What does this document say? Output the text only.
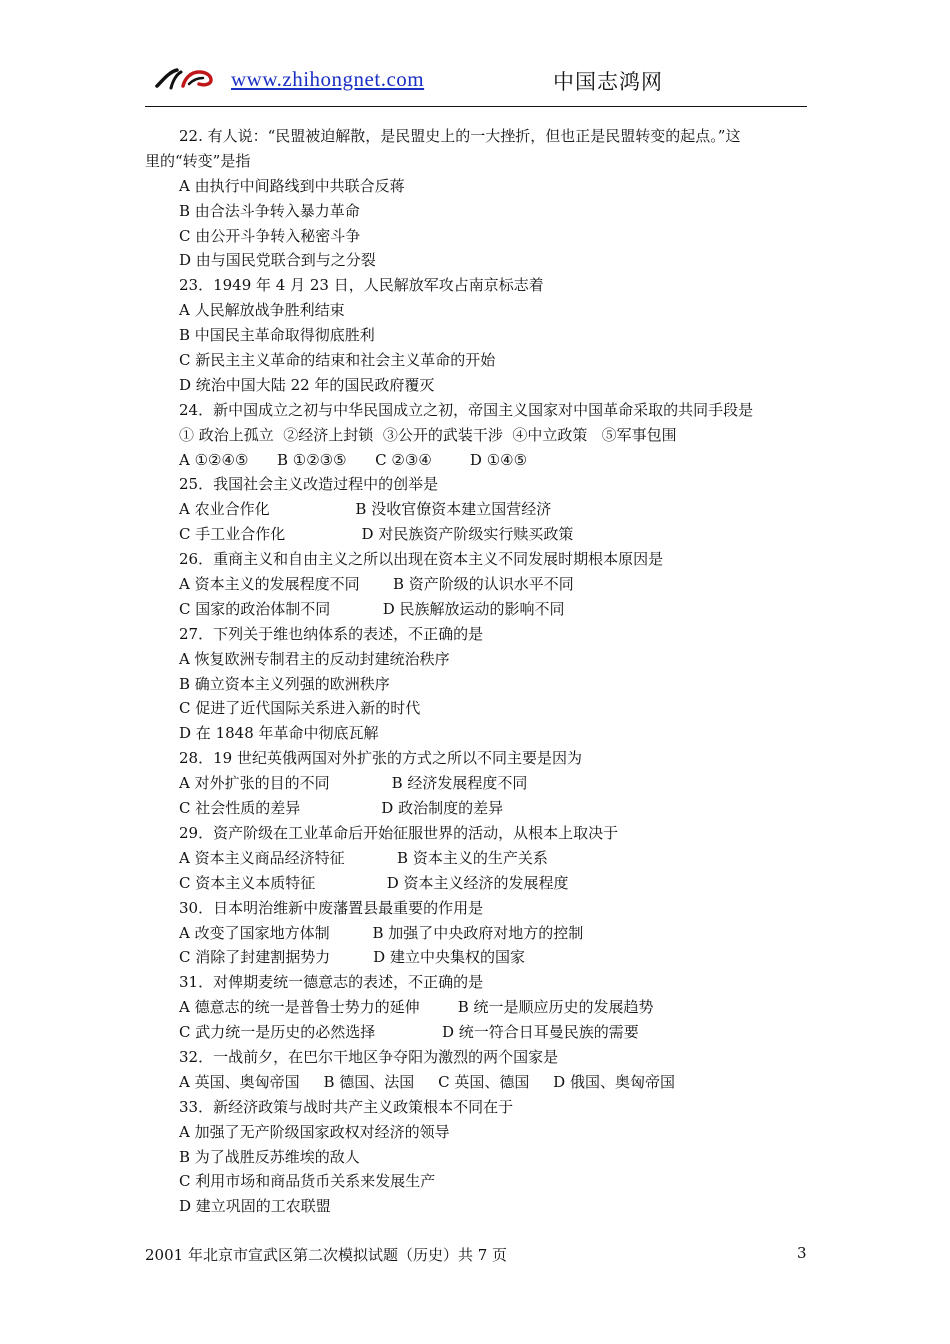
www.zhihongnet.com	中国志鸿网
22. 有人说：“民盟被迫解散，是民盟史上的一大挫折，但也正是民盟转变的起点。”这
里的“转变”是指
A 由执行中间路线到中共联合反蒋
B 由合法斗争转入暴力革命
C 由公开斗争转入秘密斗争
D 由与国民党联合到与之分裂
23．1949 年 4 月 23 日，人民解放军攻占南京标志着
A 人民解放战争胜利结束
B 中国民主革命取得彻底胜利
C 新民主主义革命的结束和社会主义革命的开始
D 统治中国大陆 22 年的国民政府覆灭
24．新中国成立之初与中华民国成立之初，帝国主义国家对中国革命采取的共同手段是
① 政治上孤立  ②经济上封锁  ③公开的武装干涉  ④中立政策   ⑤军事包围
A ①②④⑤      B ①②③⑤      C ②③④        D ①④⑤
25．我国社会主义改造过程中的创举是
A 农业合作化                  B 没收官僚资本建立国营经济
C 手工业合作化                D 对民族资产阶级实行赎买政策
26．重商主义和自由主义之所以出现在资本主义不同发展时期根本原因是
A 资本主义的发展程度不同       B 资产阶级的认识水平不同
C 国家的政治体制不同           D 民族解放运动的影响不同
27．下列关于维也纳体系的表述，不正确的是
A 恢复欧洲专制君主的反动封建统治秩序
B 确立资本主义列强的欧洲秩序
C 促进了近代国际关系进入新的时代
D 在 1848 年革命中彻底瓦解
28．19 世纪英俄两国对外扩张的方式之所以不同主要是因为
A 对外扩张的目的不同             B 经济发展程度不同
C 社会性质的差异                 D 政治制度的差异
29．资产阶级在工业革命后开始征服世界的活动，从根本上取决于
A 资本主义商品经济特征           B 资本主义的生产关系
C 资本主义本质特征               D 资本主义经济的发展程度
30．日本明治维新中废藩置县最重要的作用是
A 改变了国家地方体制         B 加强了中央政府对地方的控制
C 消除了封建割据势力         D 建立中央集权的国家
31．对俾期麦统一德意志的表述，不正确的是
A 德意志的统一是普鲁士势力的延伸        B 统一是顺应历史的发展趋势
C 武力统一是历史的必然选择              D 统一符合日耳曼民族的需要
32．一战前夕，在巴尔干地区争夺阳为激烈的两个国家是
A 英国、奥匈帝国     B 德国、法国     C 英国、德国     D 俄国、奥匈帝国
33．新经济政策与战时共产主义政策根本不同在于
A 加强了无产阶级国家政权对经济的领导
B 为了战胜反苏维埃的敌人
C 利用市场和商品货币关系来发展生产
D 建立巩固的工农联盟
2001 年北京市宣武区第二次模拟试题（历史）共 7 页	3
